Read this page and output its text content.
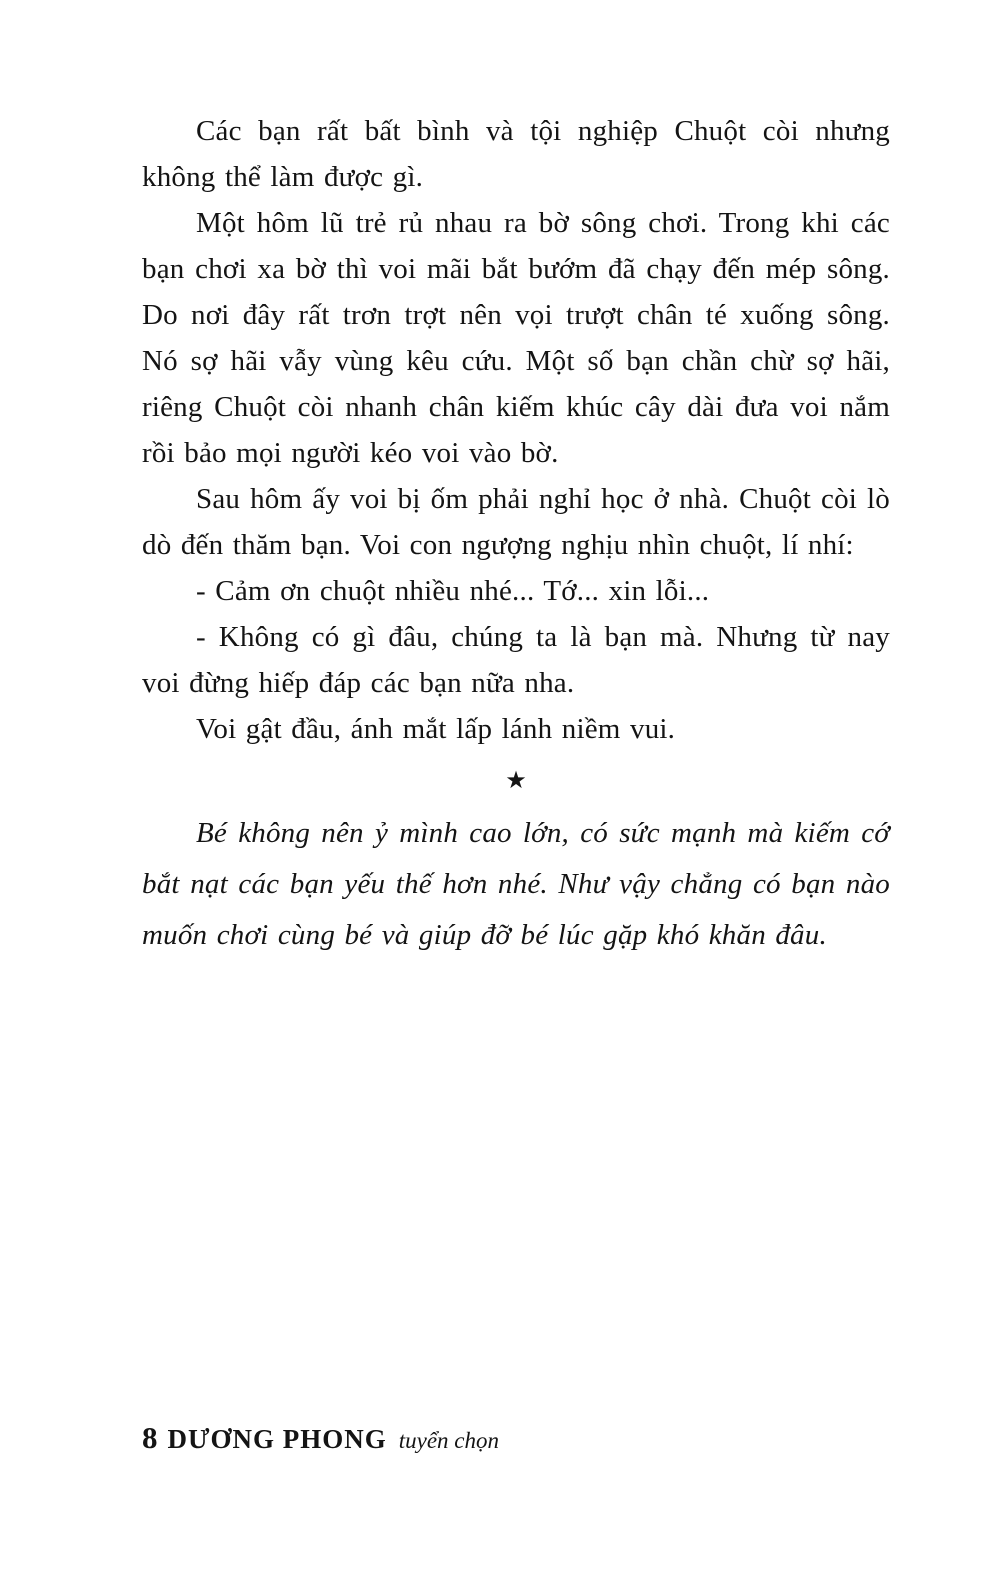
Các bạn rất bất bình và tội nghiệp Chuột còi nhưng không thể làm được gì.

Một hôm lũ trẻ rủ nhau ra bờ sông chơi. Trong khi các bạn chơi xa bờ thì voi mãi bắt bướm đã chạy đến mép sông. Do nơi đây rất trơn trợt nên vọi trượt chân té xuống sông. Nó sợ hãi vẫy vùng kêu cứu. Một số bạn chần chừ sợ hãi, riêng Chuột còi nhanh chân kiếm khúc cây dài đưa voi nắm rồi bảo mọi người kéo voi vào bờ.

Sau hôm ấy voi bị ốm phải nghỉ học ở nhà. Chuột còi lò dò đến thăm bạn. Voi con ngượng nghịu nhìn chuột, lí nhí:

- Cảm ơn chuột nhiều nhé... Tớ... xin lỗi...

- Không có gì đâu, chúng ta là bạn mà. Nhưng từ nay voi đừng hiếp đáp các bạn nữa nha.

Voi gật đầu, ánh mắt lấp lánh niềm vui.

★

Bé không nên ỷ mình cao lớn, có sức mạnh mà kiếm cớ bắt nạt các bạn yếu thế hơn nhé. Như vậy chẳng có bạn nào muốn chơi cùng bé và giúp đỡ bé lúc gặp khó khăn đâu.

8 DƯƠNG PHONG tuyển chọn
